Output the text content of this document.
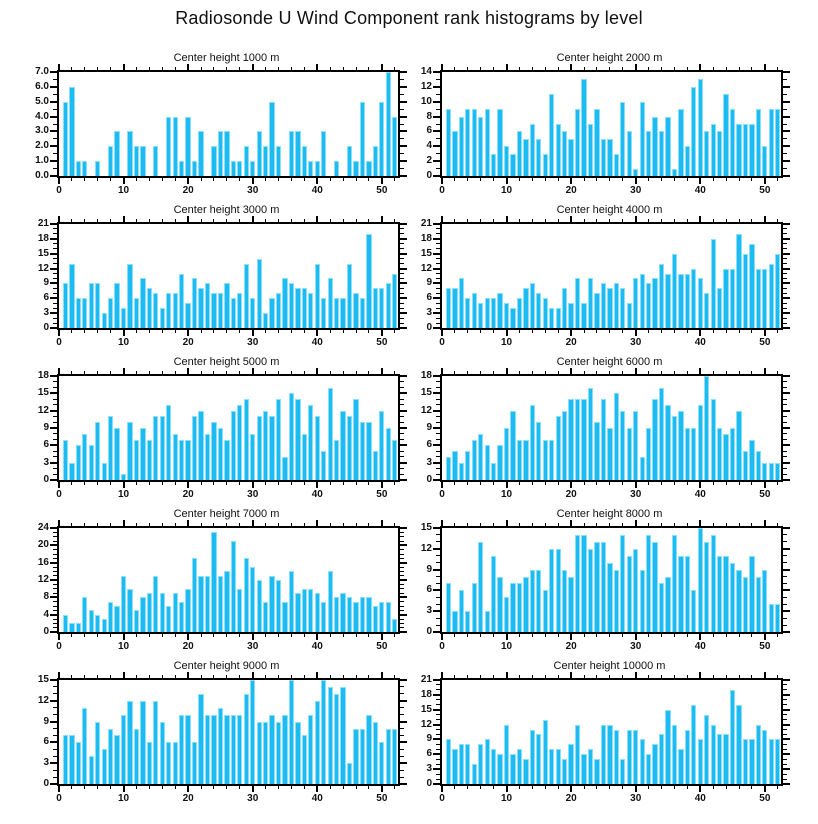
Radiosonde U Wind Component rank histograms by level
Center height 1000 m
0	10	20	30	40	50
0.0
1.0
2.0
3.0
4.0
5.0
6.0
7.0
Center height 2000 m
0	10	20	30	40	50
0
2
4
6
8
10
12
14
Center height 3000 m
0	10	20	30	40	50
0
3
6
9
12
15
18
21
Center height 4000 m
0	10	20	30	40	50
0
3
6
9
12
15
18
21
Center height 5000 m
0	10	20	30	40	50
0
3
6
9
12
15
18
Center height 6000 m
0	10	20	30	40	50
0
3
6
9
12
15
18
Center height 7000 m
0	10	20	30	40	50
0
4
8
12
16
20
24
Center height 8000 m
0	10	20	30	40	50
0
3
6
9
12
15
Center height 9000 m
0	10	20	30	40	50
0
3
6
9
12
15
Center height 10000 m
0	10	20	30	40	50
0
3
6
9
12
15
18
21
